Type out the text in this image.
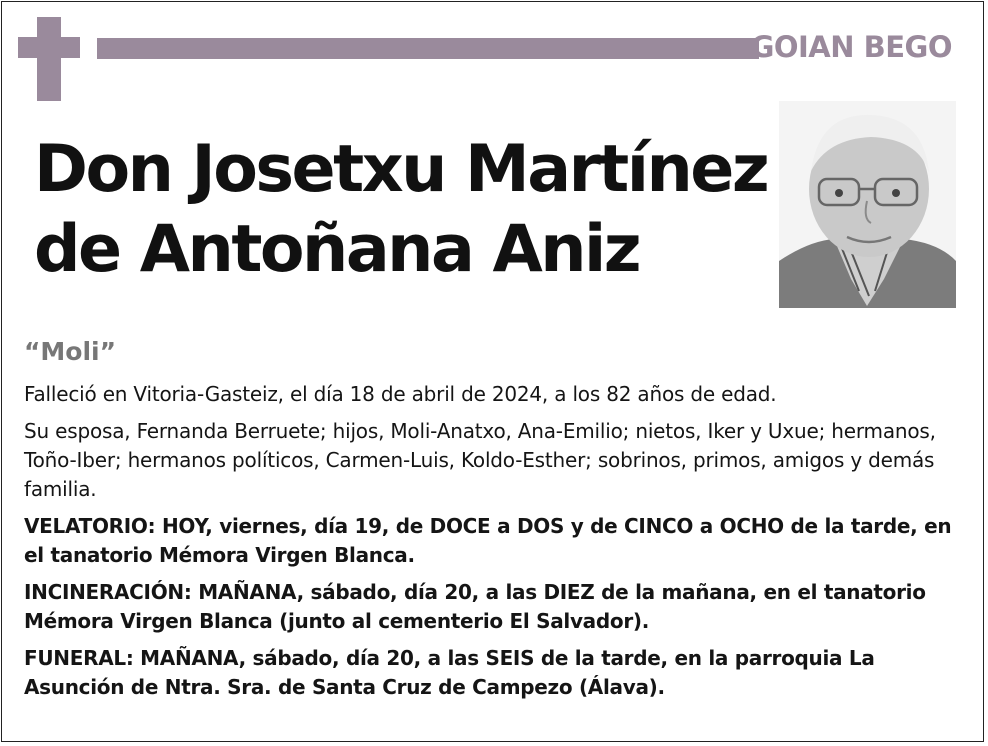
GOIAN BEGO
Don Josetxu Martínez
de Antoñana Aniz
“Moli”

Falleció en Vitoria-Gasteiz, el día 18 de abril de 2024, a los 82 años de edad.

Su esposa, Fernanda Berruete; hijos, Moli-Anatxo, Ana-Emilio; nietos, Iker y Uxue; hermanos, Toño-Iber; hermanos políticos, Carmen-Luis, Koldo-Esther; sobrinos, primos, amigos y demás familia.

VELATORIO: HOY, viernes, día 19, de DOCE a DOS y de CINCO a OCHO de la tarde, en el tanatorio Mémora Virgen Blanca.

INCINERACIÓN: MAÑANA, sábado, día 20, a las DIEZ de la mañana, en el tanatorio Mémora Virgen Blanca (junto al cementerio El Salvador).

FUNERAL: MAÑANA, sábado, día 20, a las SEIS de la tarde, en la parroquia La Asunción de Ntra. Sra. de Santa Cruz de Campezo (Álava).
